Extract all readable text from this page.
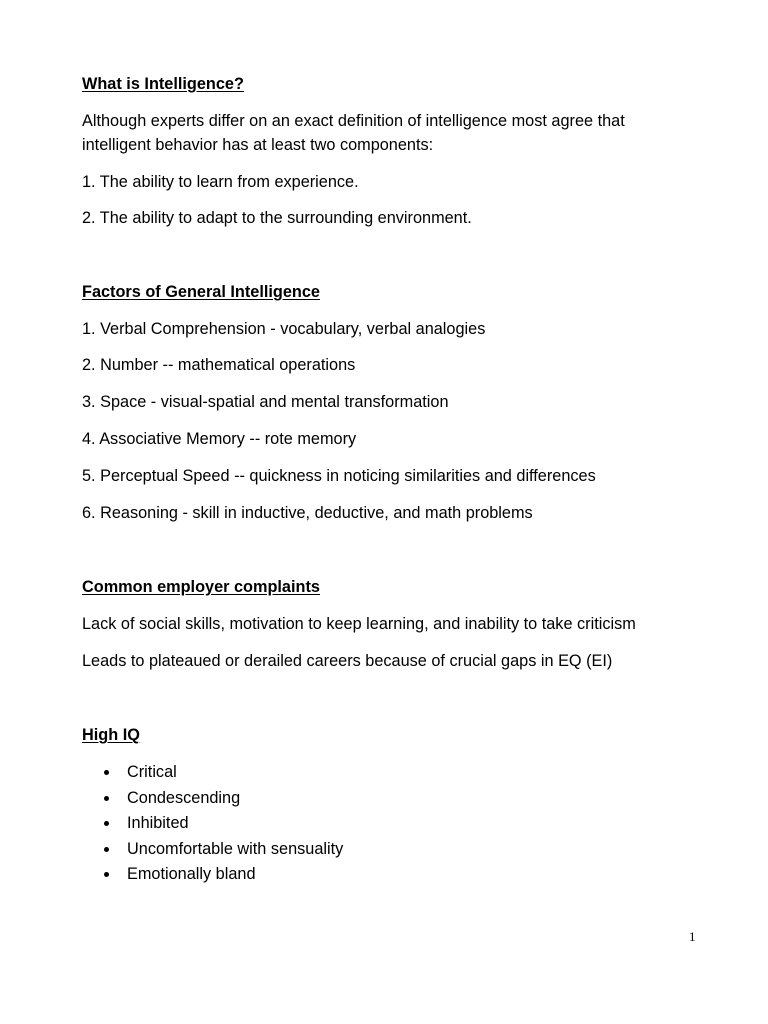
What is Intelligence?

Although experts differ on an exact definition of intelligence most agree that

intelligent behavior has at least two components:

1. The ability to learn from experience.

2. The ability to adapt to the surrounding environment.

Factors of General Intelligence

1. Verbal Comprehension - vocabulary, verbal analogies

2. Number -- mathematical operations

3. Space - visual-spatial and mental transformation

4. Associative Memory -- rote memory

5. Perceptual Speed -- quickness in noticing similarities and differences

6. Reasoning - skill in inductive, deductive, and math problems

Common employer complaints

Lack of social skills, motivation to keep learning, and inability to take criticism

Leads to plateaued or derailed careers because of crucial gaps in EQ (EI)

High IQ

Critical
Condescending
Inhibited
Uncomfortable with sensuality
Emotionally bland
1
